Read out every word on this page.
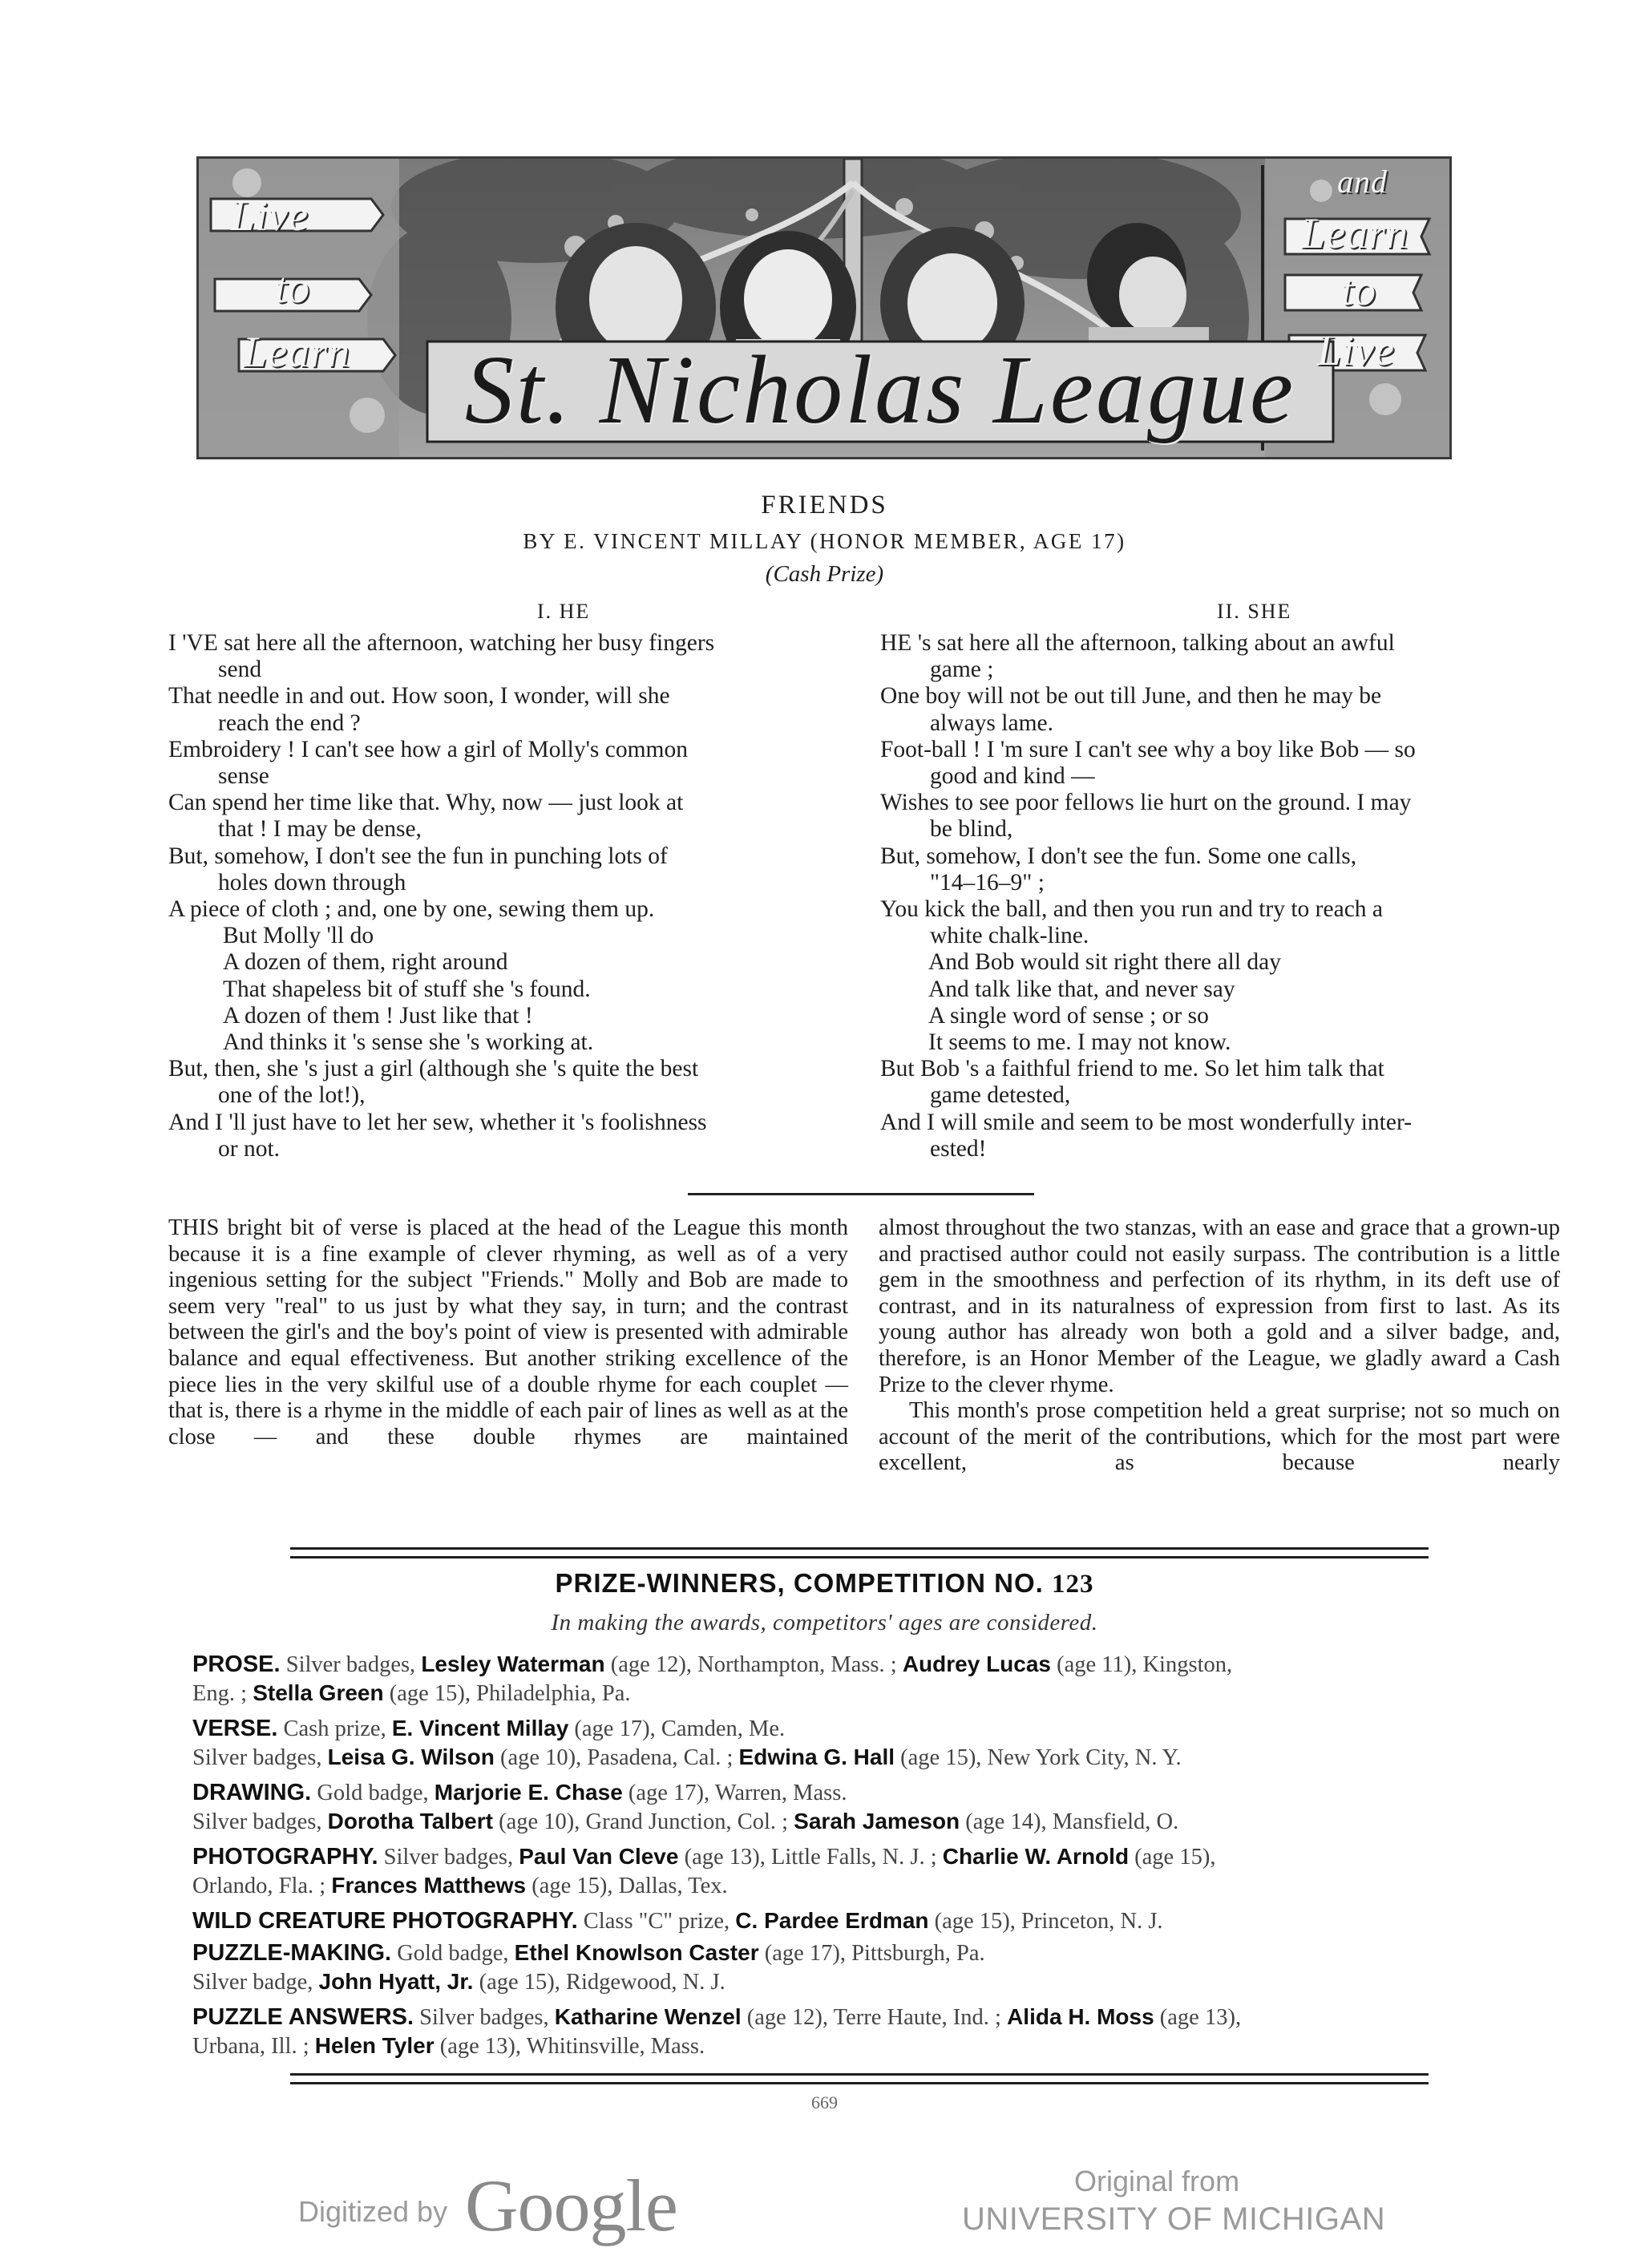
Live
to
Learn
and
Learn
to
Live
St. Nicholas League
FRIENDS
BY E. VINCENT MILLAY (HONOR MEMBER, AGE 17)
(Cash Prize)
I. HE	II. SHE
I 'VE sat here all the afternoon, watching her busy fingers
send
That needle in and out. How soon, I wonder, will she
reach the end ?
Embroidery ! I can't see how a girl of Molly's common
sense
Can spend her time like that. Why, now — just look at
that ! I may be dense,
But, somehow, I don't see the fun in punching lots of
holes down through
A piece of cloth ; and, one by one, sewing them up.
But Molly 'll do
A dozen of them, right around
That shapeless bit of stuff she 's found.
A dozen of them ! Just like that !
And thinks it 's sense she 's working at.
But, then, she 's just a girl (although she 's quite the best
one of the lot!),
And I 'll just have to let her sew, whether it 's foolishness
or not.
HE 's sat here all the afternoon, talking about an awful
game ;
One boy will not be out till June, and then he may be
always lame.
Foot-ball ! I 'm sure I can't see why a boy like Bob — so
good and kind —
Wishes to see poor fellows lie hurt on the ground. I may
be blind,
But, somehow, I don't see the fun. Some one calls,
"14–16–9" ;
You kick the ball, and then you run and try to reach a
white chalk-line.
And Bob would sit right there all day
And talk like that, and never say
A single word of sense ; or so
It seems to me. I may not know.
But Bob 's a faithful friend to me. So let him talk that
game detested,
And I will smile and seem to be most wonderfully inter-
ested!

THIS bright bit of verse is placed at the head of the League this month because it is a fine example of clever rhyming, as well as of a very ingenious setting for the subject "Friends." Molly and Bob are made to seem very "real" to us just by what they say, in turn; and the contrast between the girl's and the boy's point of view is presented with admirable balance and equal effectiveness. But another striking excellence of the piece lies in the very skilful use of a double rhyme for each couplet — that is, there is a rhyme in the middle of each pair of lines as well as at the close — and these double rhymes are maintained

almost throughout the two stanzas, with an ease and grace that a grown-up and practised author could not easily surpass. The contribution is a little gem in the smoothness and perfection of its rhythm, in its deft use of contrast, and in its naturalness of expression from first to last. As its young author has already won both a gold and a silver badge, and, therefore, is an Honor Member of the League, we gladly award a Cash Prize to the clever rhyme.

This month's prose competition held a great surprise; not so much on account of the merit of the contributions, which for the most part were excellent, as because nearly

PRIZE-WINNERS, COMPETITION NO. 123
In making the awards, competitors' ages are considered.
PROSE. Silver badges, Lesley Waterman (age 12), Northampton, Mass. ; Audrey Lucas (age 11), Kingston,
Eng. ; Stella Green (age 15), Philadelphia, Pa.
VERSE. Cash prize, E. Vincent Millay (age 17), Camden, Me.
Silver badges, Leisa G. Wilson (age 10), Pasadena, Cal. ; Edwina G. Hall (age 15), New York City, N. Y.
DRAWING. Gold badge, Marjorie E. Chase (age 17), Warren, Mass.
Silver badges, Dorotha Talbert (age 10), Grand Junction, Col. ; Sarah Jameson (age 14), Mansfield, O.
PHOTOGRAPHY. Silver badges, Paul Van Cleve (age 13), Little Falls, N. J. ; Charlie W. Arnold (age 15),
Orlando, Fla. ; Frances Matthews (age 15), Dallas, Tex.
WILD CREATURE PHOTOGRAPHY. Class "C" prize, C. Pardee Erdman (age 15), Princeton, N. J.
PUZZLE-MAKING. Gold badge, Ethel Knowlson Caster (age 17), Pittsburgh, Pa.
Silver badge, John Hyatt, Jr. (age 15), Ridgewood, N. J.
PUZZLE ANSWERS. Silver badges, Katharine Wenzel (age 12), Terre Haute, Ind. ; Alida H. Moss (age 13),
Urbana, Ill. ; Helen Tyler (age 13), Whitinsville, Mass.
669
Digitized by Google	Original from
UNIVERSITY OF MICHIGAN
